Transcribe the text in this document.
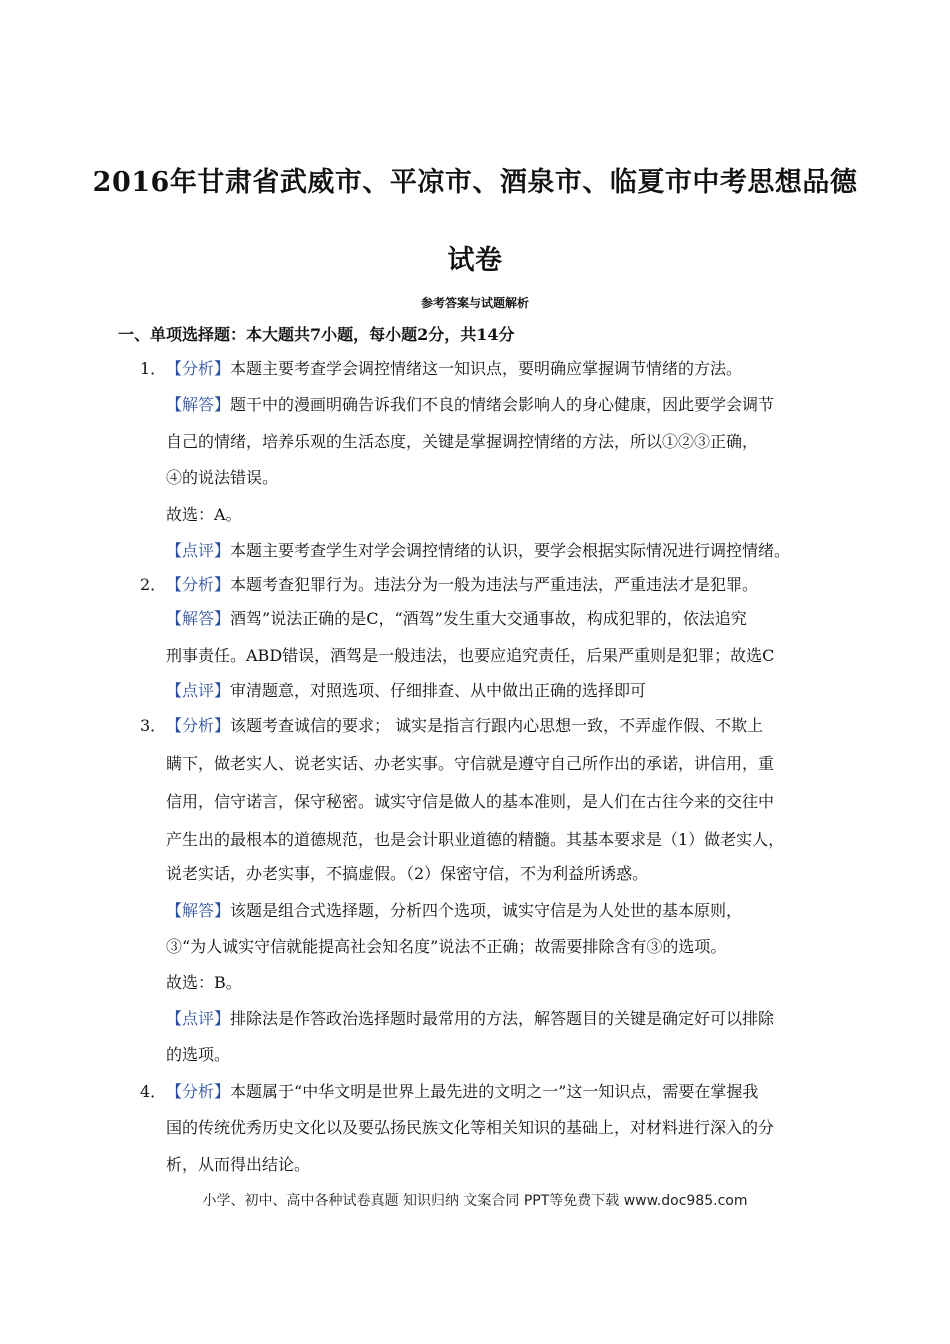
2016年甘肃省武威市、平凉市、酒泉市、临夏市中考思想品德
试卷
参考答案与试题解析
一、单项选择题：本大题共7小题，每小题2分，共14分
1． 【分析】本题主要考查学会调控情绪这一知识点，要明确应掌握调节情绪的方法。
【解答】题干中的漫画明确告诉我们不良的情绪会影响人的身心健康，因此要学会调节
自己的情绪，培养乐观的生活态度，关键是掌握调控情绪的方法，所以①②③正确，
④的说法错误。
故选：A。
【点评】本题主要考查学生对学会调控情绪的认识，要学会根据实际情况进行调控情绪。
2． 【分析】本题考查犯罪行为。违法分为一般为违法与严重违法，严重违法才是犯罪。
【解答】酒驾”说法正确的是C，“酒驾”发生重大交通事故，构成犯罪的，依法追究
刑事责任。ABD错误，酒驾是一般违法，也要应追究责任，后果严重则是犯罪；故选C
【点评】审清题意，对照选项、仔细排查、从中做出正确的选择即可
3． 【分析】该题考查诚信的要求； 诚实是指言行跟内心思想一致，不弄虚作假、不欺上
瞒下，做老实人、说老实话、办老实事。守信就是遵守自己所作出的承诺，讲信用，重
信用，信守诺言，保守秘密。诚实守信是做人的基本准则，是人们在古往今来的交往中
产生出的最根本的道德规范，也是会计职业道德的精髓。其基本要求是（1）做老实人，
说老实话，办老实事，不搞虚假。（2）保密守信，不为利益所诱惑。
【解答】该题是组合式选择题，分析四个选项，诚实守信是为人处世的基本原则，
③“为人诚实守信就能提高社会知名度”说法不正确；故需要排除含有③的选项。
故选：B。
【点评】排除法是作答政治选择题时最常用的方法，解答题目的关键是确定好可以排除
的选项。
4． 【分析】本题属于“中华文明是世界上最先进的文明之一”这一知识点，需要在掌握我
国的传统优秀历史文化以及要弘扬民族文化等相关知识的基础上，对材料进行深入的分
析，从而得出结论。
小学、初中、高中各种试卷真题 知识归纳 文案合同 PPT等免费下载 www.doc985.com
